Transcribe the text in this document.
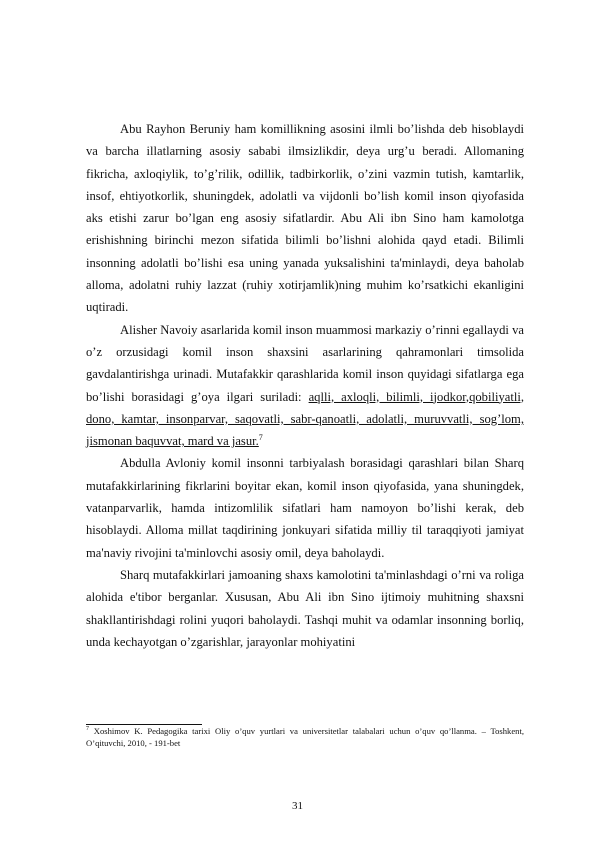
Abu Rayhon Beruniy ham komillikning asosini ilmli bo’lishda deb hisoblaydi va barcha illatlarning asosiy sababi ilmsizlikdir, deya urg’u beradi. Allomaning fikricha, axloqiylik, to’g’rilik, odillik, tadbirkorlik, o’zini vazmin tutish, kamtarlik, insof, ehtiyotkorlik, shuningdek, adolatli va vijdonli bo’lish komil inson qiyofasida aks etishi zarur bo’lgan eng asosiy sifatlardir. Abu Ali ibn Sino ham kamolotga erishishning birinchi mezon sifatida bilimli bo’lishni alohida qayd etadi. Bilimli insonning adolatli bo’lishi esa uning yanada yuksalishini ta'minlaydi, deya baholab alloma, adolatni ruhiy lazzat (ruhiy xotirjamlik)ning muhim ko’rsatkichi ekanligini uqtiradi.

Alisher Navoiy asarlarida komil inson muammosi markaziy o’rinni egallaydi va o’z orzusidagi komil inson shaxsini asarlarining qahramonlari timsolida gavdalantirishga urinadi. Mutafakkir qarashlarida komil inson quyidagi sifatlarga ega bo’lishi borasidagi g’oya ilgari suriladi: aqlli, axloqli, bilimli, ijodkor,qobiliyatli, dono, kamtar, insonparvar, saqovatli, sabr-qanoatli, adolatli, muruvvatli, sog’lom, jismonan baquvvat, mard va jasur.$^7$

Abdulla Avloniy komil insonni tarbiyalash borasidagi qarashlari bilan Sharq mutafakkirlarining fikrlarini boyitar ekan, komil inson qiyofasida, yana shuningdek, vatanparvarlik, hamda intizomlilik sifatlari ham namoyon bo’lishi kerak, deb hisoblaydi. Alloma millat taqdirining jonkuyari sifatida milliy til taraqqiyoti jamiyat ma'naviy rivojini ta'minlovchi asosiy omil, deya baholaydi.

Sharq mutafakkirlari jamoaning shaxs kamolotini ta'minlashdagi o’rni va roliga alohida e'tibor berganlar. Xususan, Abu Ali ibn Sino ijtimoiy muhitning shaxsni shakllantirishdagi rolini yuqori baholaydi. Tashqi muhit va odamlar insonning borliq, unda kechayotgan o’zgarishlar, jarayonlar mohiyatini

$^7$ Xoshimov K. Pedagogika tarixi Oliy o’quv yurtlari va universitetlar talabalari uchun o’quv qo’llanma. – Toshkent, O’qituvchi, 2010, - 191-bet
31
